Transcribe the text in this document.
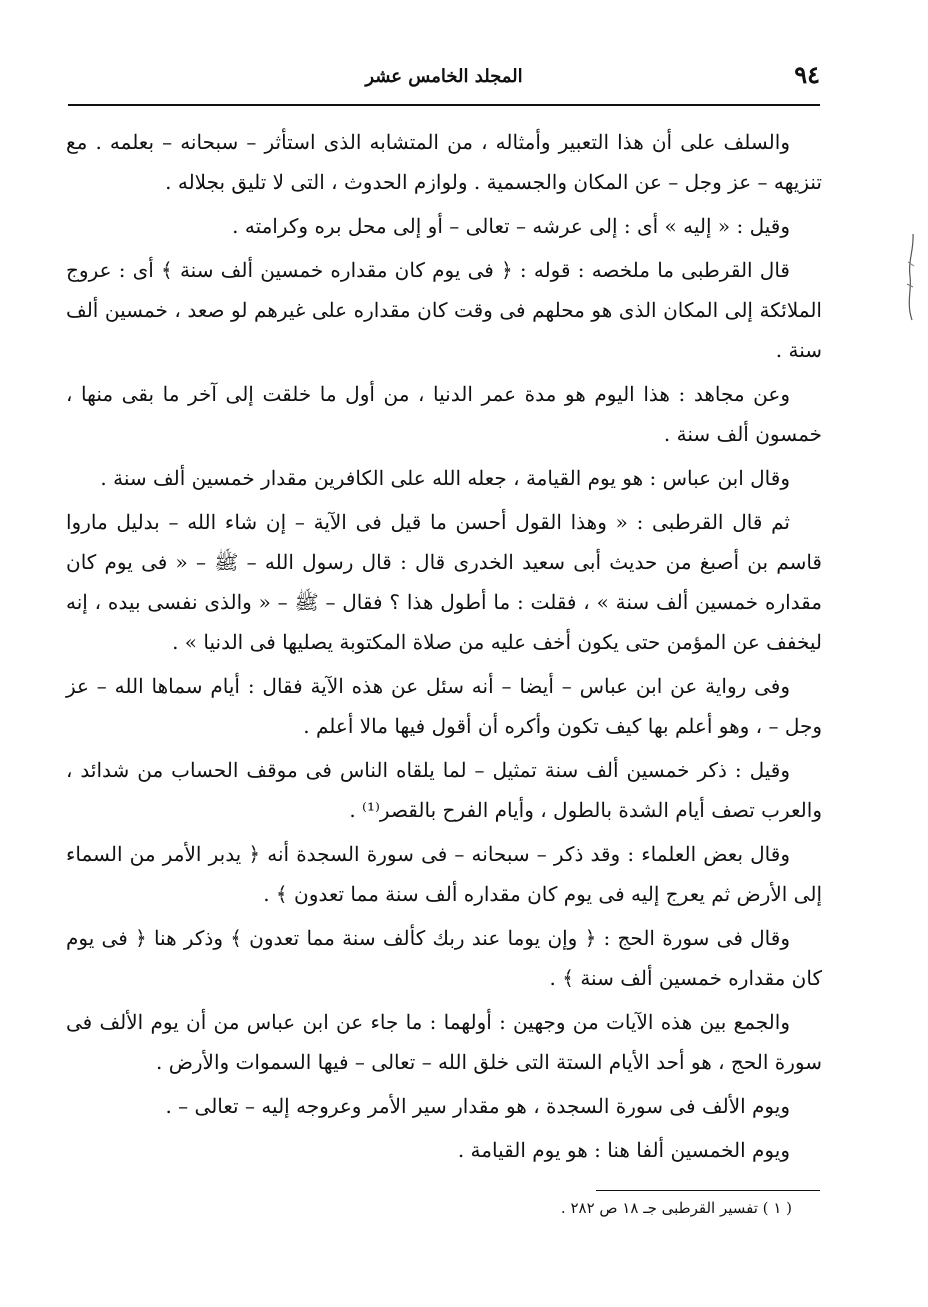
٩٤
المجلد الخامس عشر

والسلف على أن هذا التعبير وأمثاله ، من المتشابه الذى استأثر – سبحانه – بعلمه . مع تنزيهه – عز وجل – عن المكان والجسمية . ولوازم الحدوث ، التى لا تليق بجلاله .

وقيل : « إليه » أى : إلى عرشه – تعالى – أو إلى محل بره وكرامته .

قال القرطبى ما ملخصه : قوله : ﴿ فى يوم كان مقداره خمسين ألف سنة ﴾ أى : عروج الملائكة إلى المكان الذى هو محلهم فى وقت كان مقداره على غيرهم لو صعد ، خمسين ألف سنة .

وعن مجاهد : هذا اليوم هو مدة عمر الدنيا ، من أول ما خلقت إلى آخر ما بقى منها ، خمسون ألف سنة .

وقال ابن عباس : هو يوم القيامة ، جعله الله على الكافرين مقدار خمسين ألف سنة .

ثم قال القرطبى : « وهذا القول أحسن ما قيل فى الآية – إن شاء الله – بدليل ماروا قاسم بن أصبغ من حديث أبى سعيد الخدرى قال : قال رسول الله – ﷺ – « فى يوم كان مقداره خمسين ألف سنة » ، فقلت : ما أطول هذا ؟ فقال – ﷺ – « والذى نفسى بيده ، إنه ليخفف عن المؤمن حتى يكون أخف عليه من صلاة المكتوبة يصليها فى الدنيا » .

وفى رواية عن ابن عباس – أيضا – أنه سئل عن هذه الآية فقال : أيام سماها الله – عز وجل – ، وهو أعلم بها كيف تكون وأكره أن أقول فيها مالا أعلم .

وقيل : ذكر خمسين ألف سنة تمثيل – لما يلقاه الناس فى موقف الحساب من شدائد ، والعرب تصف أيام الشدة بالطول ، وأيام الفرح بالقصر⁽¹⁾ .

وقال بعض العلماء : وقد ذكر – سبحانه – فى سورة السجدة أنه ﴿ يدبر الأمر من السماء إلى الأرض ثم يعرج إليه فى يوم كان مقداره ألف سنة مما تعدون ﴾ .

وقال فى سورة الحج : ﴿ وإن يوما عند ربك كألف سنة مما تعدون ﴾ وذكر هنا ﴿ فى يوم كان مقداره خمسين ألف سنة ﴾ .

والجمع بين هذه الآيات من وجهين : أولهما : ما جاء عن ابن عباس من أن يوم الألف فى سورة الحج ، هو أحد الأيام الستة التى خلق الله – تعالى – فيها السموات والأرض .

ويوم الألف فى سورة السجدة ، هو مقدار سير الأمر وعروجه إليه – تعالى – .

ويوم الخمسين ألفا هنا : هو يوم القيامة .

( ١ ) تفسير القرطبى جـ ١٨ ص ٢٨٢ .
